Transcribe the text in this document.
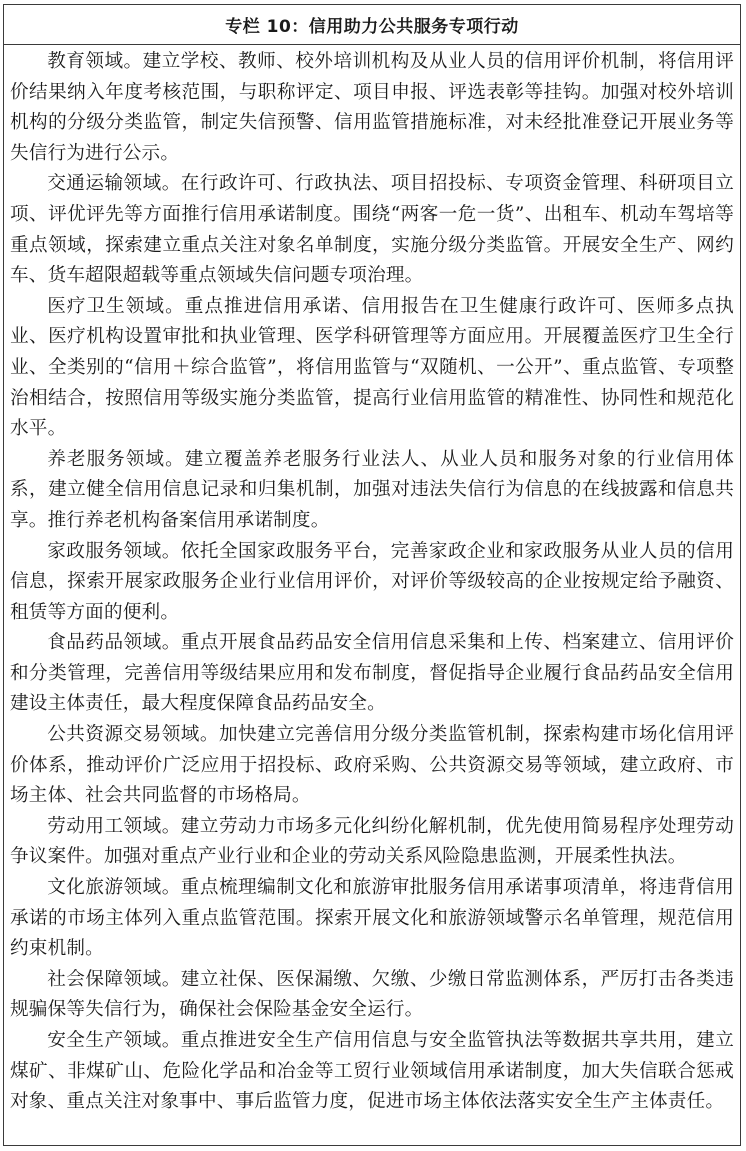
专栏 10：信用助力公共服务专项行动

教育领域。建立学校、教师、校外培训机构及从业人员的信用评价机制，将信用评价结果纳入年度考核范围，与职称评定、项目申报、评选表彰等挂钩。加强对校外培训机构的分级分类监管，制定失信预警、信用监管措施标准，对未经批准登记开展业务等失信行为进行公示。

交通运输领域。在行政许可、行政执法、项目招投标、专项资金管理、科研项目立项、评优评先等方面推行信用承诺制度。围绕“两客一危一货”、出租车、机动车驾培等重点领域，探索建立重点关注对象名单制度，实施分级分类监管。开展安全生产、网约车、货车超限超载等重点领域失信问题专项治理。

医疗卫生领域。重点推进信用承诺、信用报告在卫生健康行政许可、医师多点执业、医疗机构设置审批和执业管理、医学科研管理等方面应用。开展覆盖医疗卫生全行业、全类别的“信用＋综合监管”，将信用监管与“双随机、一公开”、重点监管、专项整治相结合，按照信用等级实施分类监管，提高行业信用监管的精准性、协同性和规范化水平。

养老服务领域。建立覆盖养老服务行业法人、从业人员和服务对象的行业信用体系，建立健全信用信息记录和归集机制，加强对违法失信行为信息的在线披露和信息共享。推行养老机构备案信用承诺制度。

家政服务领域。依托全国家政服务平台，完善家政企业和家政服务从业人员的信用信息，探索开展家政服务企业行业信用评价，对评价等级较高的企业按规定给予融资、租赁等方面的便利。

食品药品领域。重点开展食品药品安全信用信息采集和上传、档案建立、信用评价和分类管理，完善信用等级结果应用和发布制度，督促指导企业履行食品药品安全信用建设主体责任，最大程度保障食品药品安全。

公共资源交易领域。加快建立完善信用分级分类监管机制，探索构建市场化信用评价体系，推动评价广泛应用于招投标、政府采购、公共资源交易等领域，建立政府、市场主体、社会共同监督的市场格局。

劳动用工领域。建立劳动力市场多元化纠纷化解机制，优先使用简易程序处理劳动争议案件。加强对重点产业行业和企业的劳动关系风险隐患监测，开展柔性执法。

文化旅游领域。重点梳理编制文化和旅游审批服务信用承诺事项清单，将违背信用承诺的市场主体列入重点监管范围。探索开展文化和旅游领域警示名单管理，规范信用约束机制。

社会保障领域。建立社保、医保漏缴、欠缴、少缴日常监测体系，严厉打击各类违规骗保等失信行为，确保社会保险基金安全运行。

安全生产领域。重点推进安全生产信用信息与安全监管执法等数据共享共用，建立煤矿、非煤矿山、危险化学品和冶金等工贸行业领域信用承诺制度，加大失信联合惩戒对象、重点关注对象事中、事后监管力度，促进市场主体依法落实安全生产主体责任。
